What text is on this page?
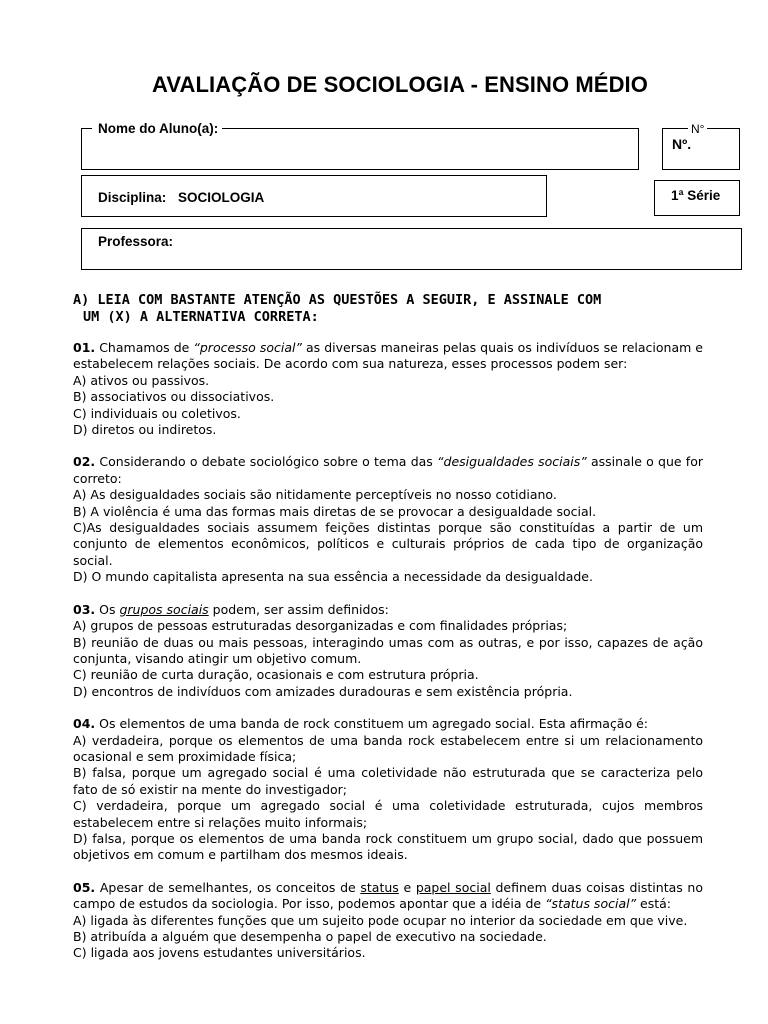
AVALIAÇÃO DE SOCIOLOGIA - ENSINO MÉDIO
Nome do Aluno(a):	N°
Nº.
Disciplina: SOCIOLOGIA	1ª Série
Professora:
A) LEIA COM BASTANTE ATENÇÃO AS QUESTÕES A SEGUIR, E ASSINALE COM
UM (X) A ALTERNATIVA CORRETA:

01. Chamamos de “processo social” as diversas maneiras pelas quais os indivíduos se relacionam e estabelecem relações sociais. De acordo com sua natureza, esses processos podem ser:

A) ativos ou passivos.

B) associativos ou dissociativos.

C) individuais ou coletivos.

D) diretos ou indiretos.

02. Considerando o debate sociológico sobre o tema das “desigualdades sociais” assinale o que for correto:

A) As desigualdades sociais são nitidamente perceptíveis no nosso cotidiano.

B) A violência é uma das formas mais diretas de se provocar a desigualdade social.

C)As desigualdades sociais assumem feições distintas porque são constituídas a partir de um conjunto de elementos econômicos, políticos e culturais próprios de cada tipo de organização social.

D) O mundo capitalista apresenta na sua essência a necessidade da desigualdade.

03. Os grupos sociais podem, ser assim definidos:

A) grupos de pessoas estruturadas desorganizadas e com finalidades próprias;

B) reunião de duas ou mais pessoas, interagindo umas com as outras, e por isso, capazes de ação conjunta, visando atingir um objetivo comum.

C) reunião de curta duração, ocasionais e com estrutura própria.

D) encontros de indivíduos com amizades duradouras e sem existência própria.

04. Os elementos de uma banda de rock constituem um agregado social. Esta afirmação é:

A) verdadeira, porque os elementos de uma banda rock estabelecem entre si um relacionamento ocasional e sem proximidade física;

B) falsa, porque um agregado social é uma coletividade não estruturada que se caracteriza pelo fato de só existir na mente do investigador;

C) verdadeira, porque um agregado social é uma coletividade estruturada, cujos membros estabelecem entre si relações muito informais;

D) falsa, porque os elementos de uma banda rock constituem um grupo social, dado que possuem objetivos em comum e partilham dos mesmos ideais.

05. Apesar de semelhantes, os conceitos de status e papel social definem duas coisas distintas no campo de estudos da sociologia. Por isso, podemos apontar que a idéia de “status social” está:

A) ligada às diferentes funções que um sujeito pode ocupar no interior da sociedade em que vive.

B) atribuída a alguém que desempenha o papel de executivo na sociedade.

C) ligada aos jovens estudantes universitários.
